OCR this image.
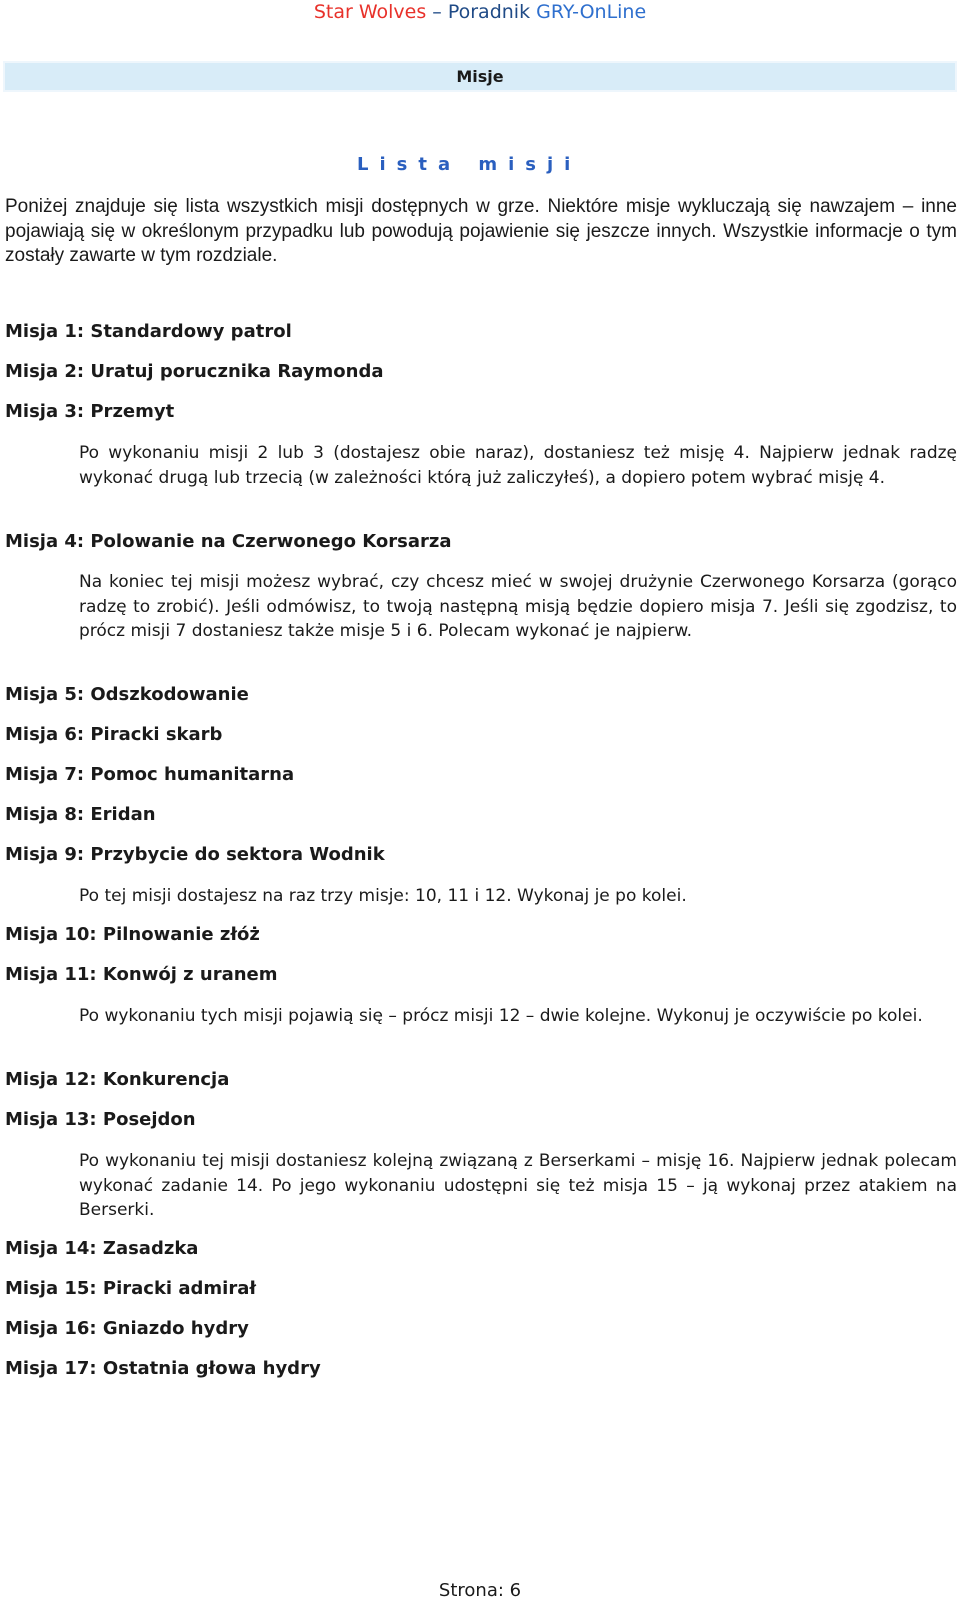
Star Wolves – Poradnik GRY-OnLine
Misje
Lista misji

Poniżej znajduje się lista wszystkich misji dostępnych w grze. Niektóre misje wykluczają się nawzajem – inne pojawiają się w określonym przypadku lub powodują pojawienie się jeszcze innych. Wszystkie informacje o tym zostały zawarte w tym rozdziale.

Misja 1: Standardowy patrol

Misja 2: Uratuj porucznika Raymonda

Misja 3: Przemyt

Po wykonaniu misji 2 lub 3 (dostajesz obie naraz), dostaniesz też misję 4. Najpierw jednak radzę wykonać drugą lub trzecią (w zależności którą już zaliczyłeś), a dopiero potem wybrać misję 4.

Misja 4: Polowanie na Czerwonego Korsarza

Na koniec tej misji możesz wybrać, czy chcesz mieć w swojej drużynie Czerwonego Korsarza (gorąco radzę to zrobić). Jeśli odmówisz, to twoją następną misją będzie dopiero misja 7. Jeśli się zgodzisz, to prócz misji 7 dostaniesz także misje 5 i 6. Polecam wykonać je najpierw.

Misja 5: Odszkodowanie

Misja 6: Piracki skarb

Misja 7: Pomoc humanitarna

Misja 8: Eridan

Misja 9: Przybycie do sektora Wodnik

Po tej misji dostajesz na raz trzy misje: 10, 11 i 12. Wykonaj je po kolei.

Misja 10: Pilnowanie złóż

Misja 11: Konwój z uranem

Po wykonaniu tych misji pojawią się – prócz misji 12 – dwie kolejne. Wykonuj je oczywiście po kolei.

Misja 12: Konkurencja

Misja 13: Posejdon

Po wykonaniu tej misji dostaniesz kolejną związaną z Berserkami – misję 16. Najpierw jednak polecam wykonać zadanie 14. Po jego wykonaniu udostępni się też misja 15 – ją wykonaj przez atakiem na Berserki.

Misja 14: Zasadzka

Misja 15: Piracki admirał

Misja 16: Gniazdo hydry

Misja 17: Ostatnia głowa hydry

Strona: 6
